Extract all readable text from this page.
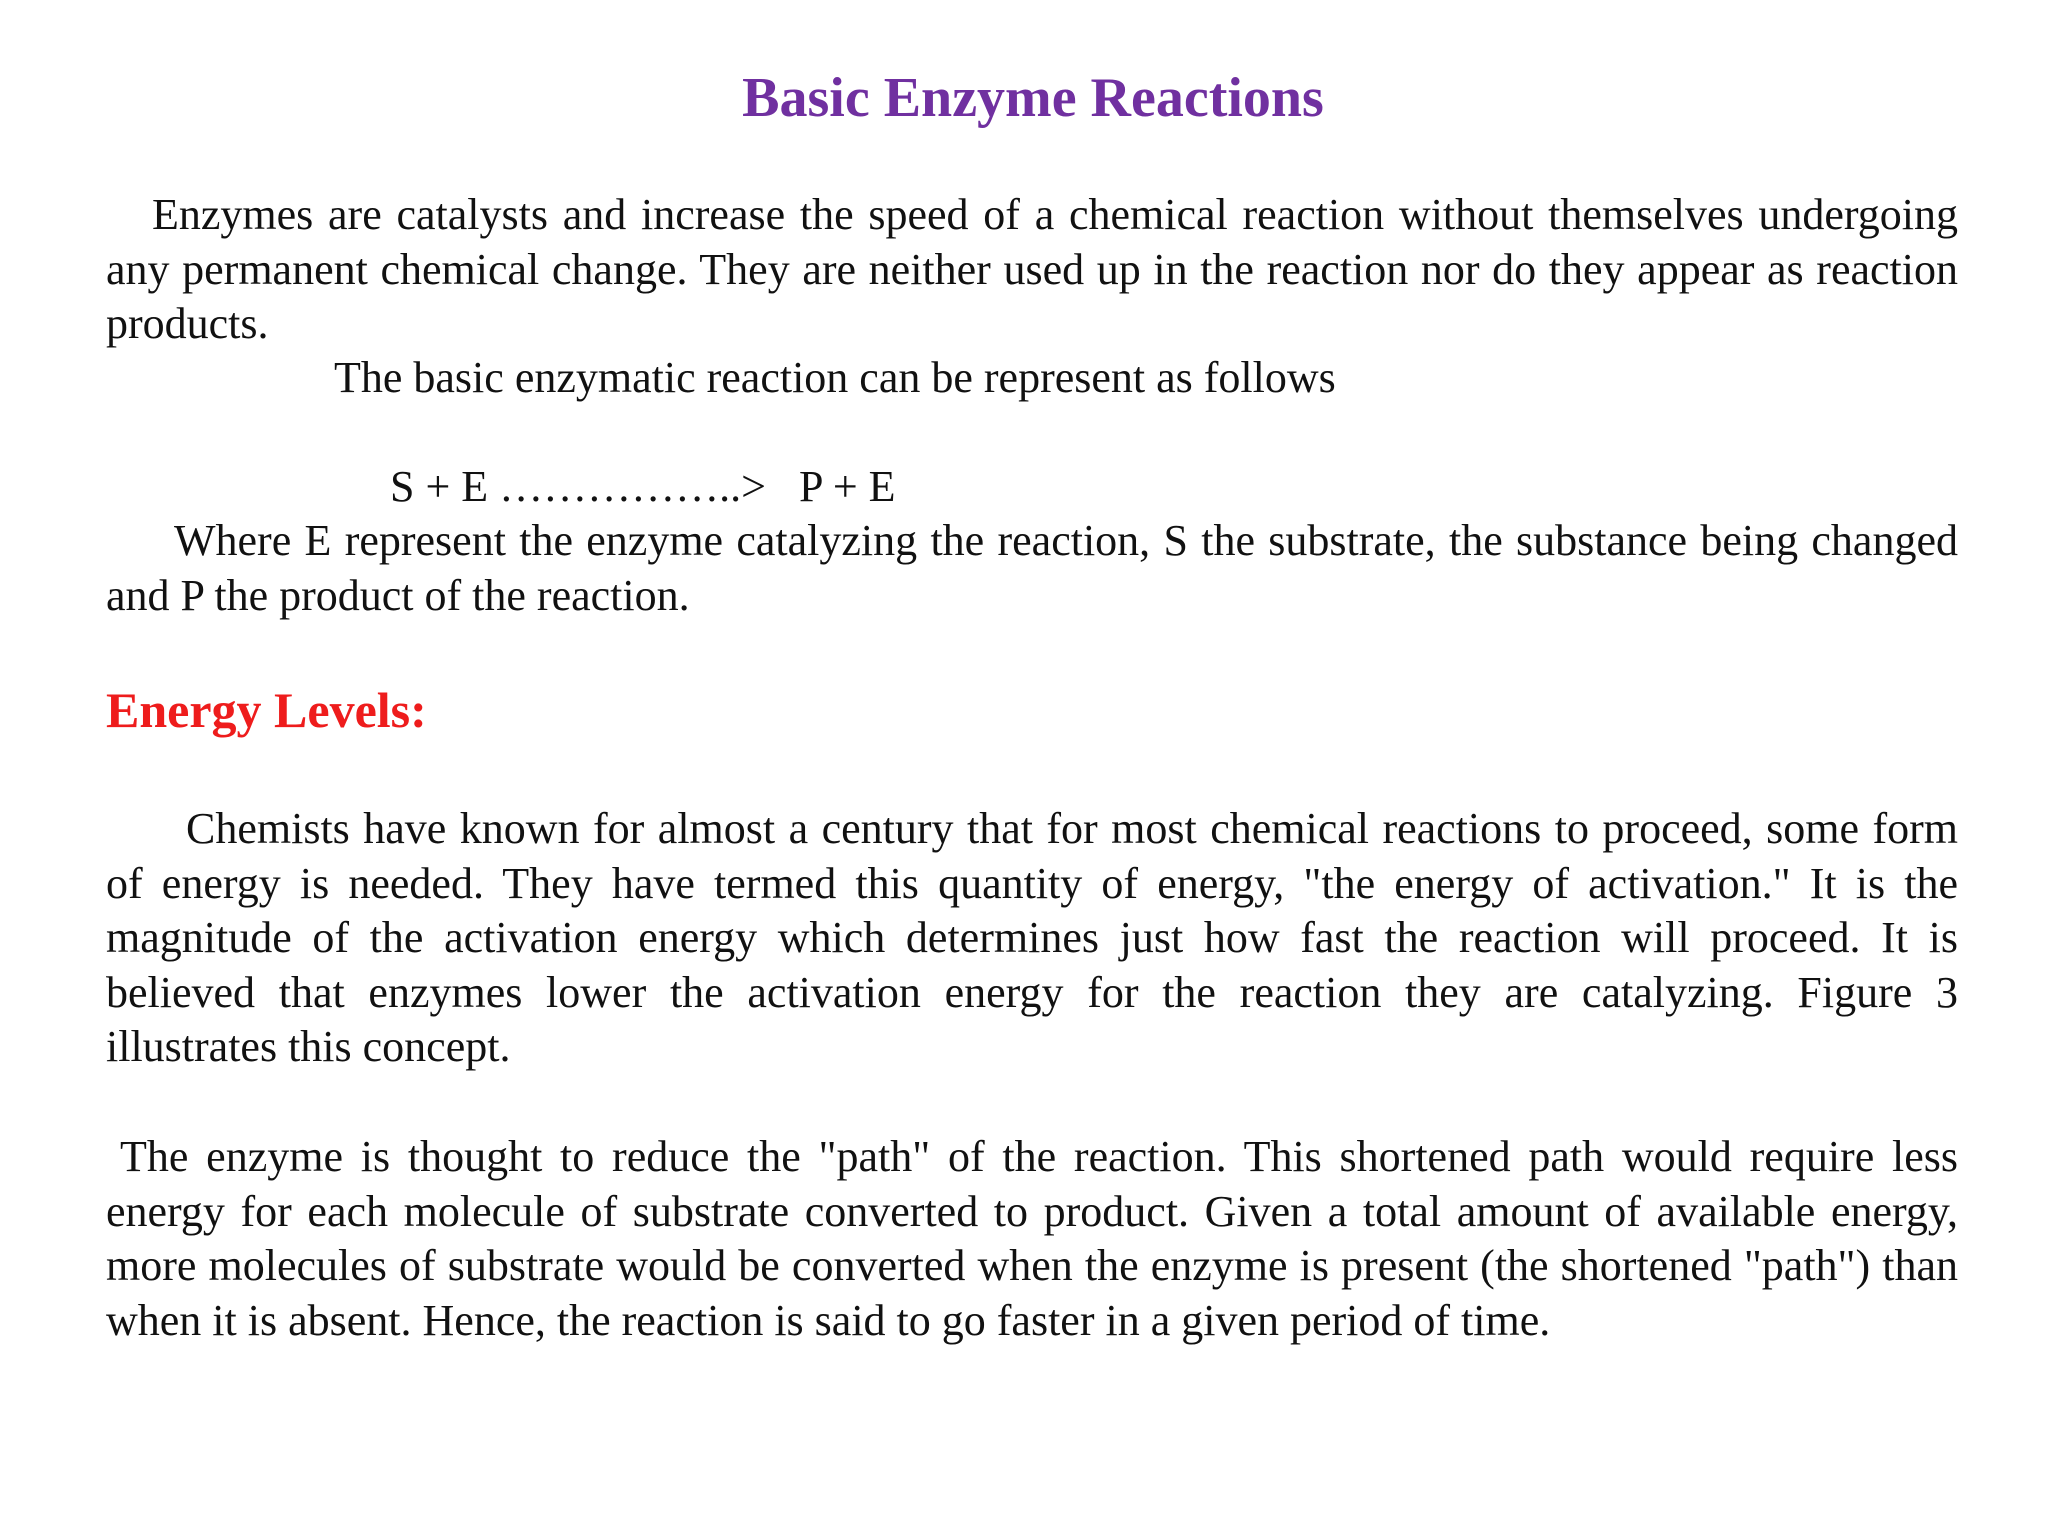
Basic Enzyme Reactions

Enzymes are catalysts and increase the speed of a chemical reaction without themselves undergoing any permanent chemical change. They are neither used up in the reaction nor do they appear as reaction products.

The basic enzymatic reaction can be represent as follows
S + E ……………..>   P + E

Where E represent the enzyme catalyzing the reaction, S the substrate, the substance being changed and P the product of the reaction.

Energy Levels:

Chemists have known for almost a century that for most chemical reactions to proceed, some form of energy is needed. They have termed this quantity of energy, "the energy of activation." It is the magnitude of the activation energy which determines just how fast the reaction will proceed. It is believed that enzymes lower the activation energy for the reaction they are catalyzing. Figure 3 illustrates this concept.

The enzyme is thought to reduce the "path" of the reaction. This shortened path would require less energy for each molecule of substrate converted to product. Given a total amount of available energy, more molecules of substrate would be converted when the enzyme is present (the shortened "path") than when it is absent. Hence, the reaction is said to go faster in a given period of time.
